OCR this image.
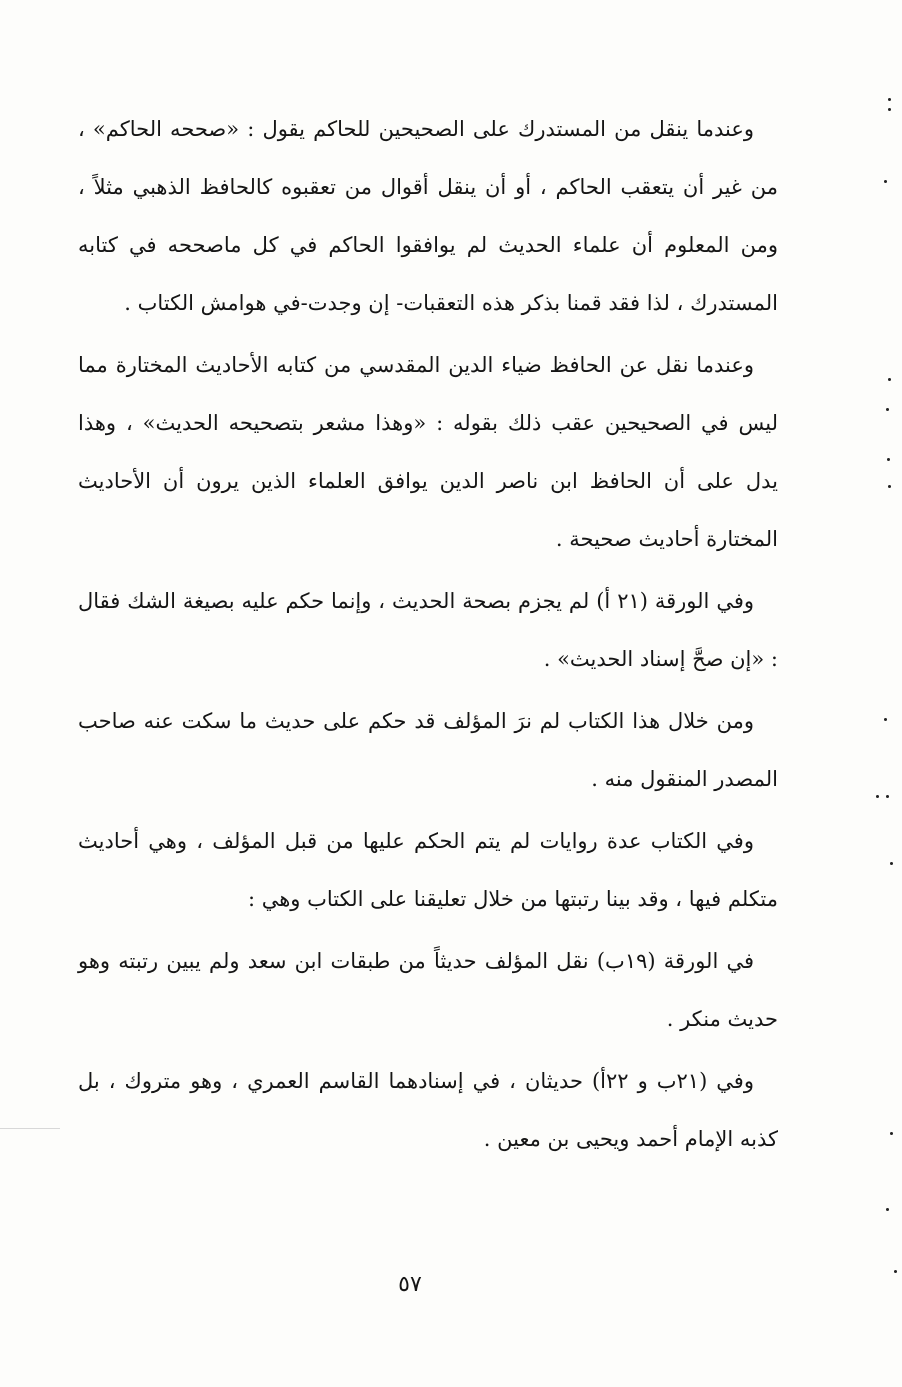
وعندما ينقل من المستدرك على الصحيحين للحاكم يقول : «صححه الحاكم» ، من غير أن يتعقب الحاكم ، أو أن ينقل أقوال من تعقبوه كالحافظ الذهبي مثلاً ، ومن المعلوم أن علماء الحديث لم يوافقوا الحاكم في كل ماصححه في كتابه المستدرك ، لذا فقد قمنا بذكر هذه التعقبات- إن وجدت-في هوامش الكتاب .

وعندما نقل عن الحافظ ضياء الدين المقدسي من كتابه الأحاديث المختارة مما ليس في الصحيحين عقب ذلك بقوله : «وهذا مشعر بتصحيحه الحديث» ، وهذا يدل على أن الحافظ ابن ناصر الدين يوافق العلماء الذين يرون أن الأحاديث المختارة أحاديث صحيحة .

وفي الورقة (٢١ أ) لم يجزم بصحة الحديث ، وإنما حكم عليه بصيغة الشك فقال : «إن صحَّ إسناد الحديث» .

ومن خلال هذا الكتاب لم نرَ المؤلف قد حكم على حديث ما سكت عنه صاحب المصدر المنقول منه .

وفي الكتاب عدة روايات لم يتم الحكم عليها من قبل المؤلف ، وهي أحاديث متكلم فيها ، وقد بينا رتبتها من خلال تعليقنا على الكتاب وهي :

في الورقة (١٩ب) نقل المؤلف حديثاً من طبقات ابن سعد ولم يبين رتبته وهو حديث منكر .

وفي (٢١ب و ٢٢أ) حديثان ، في إسنادهما القاسم العمري ، وهو متروك ، بل كذبه الإمام أحمد ويحيى بن معين .

٥٧
